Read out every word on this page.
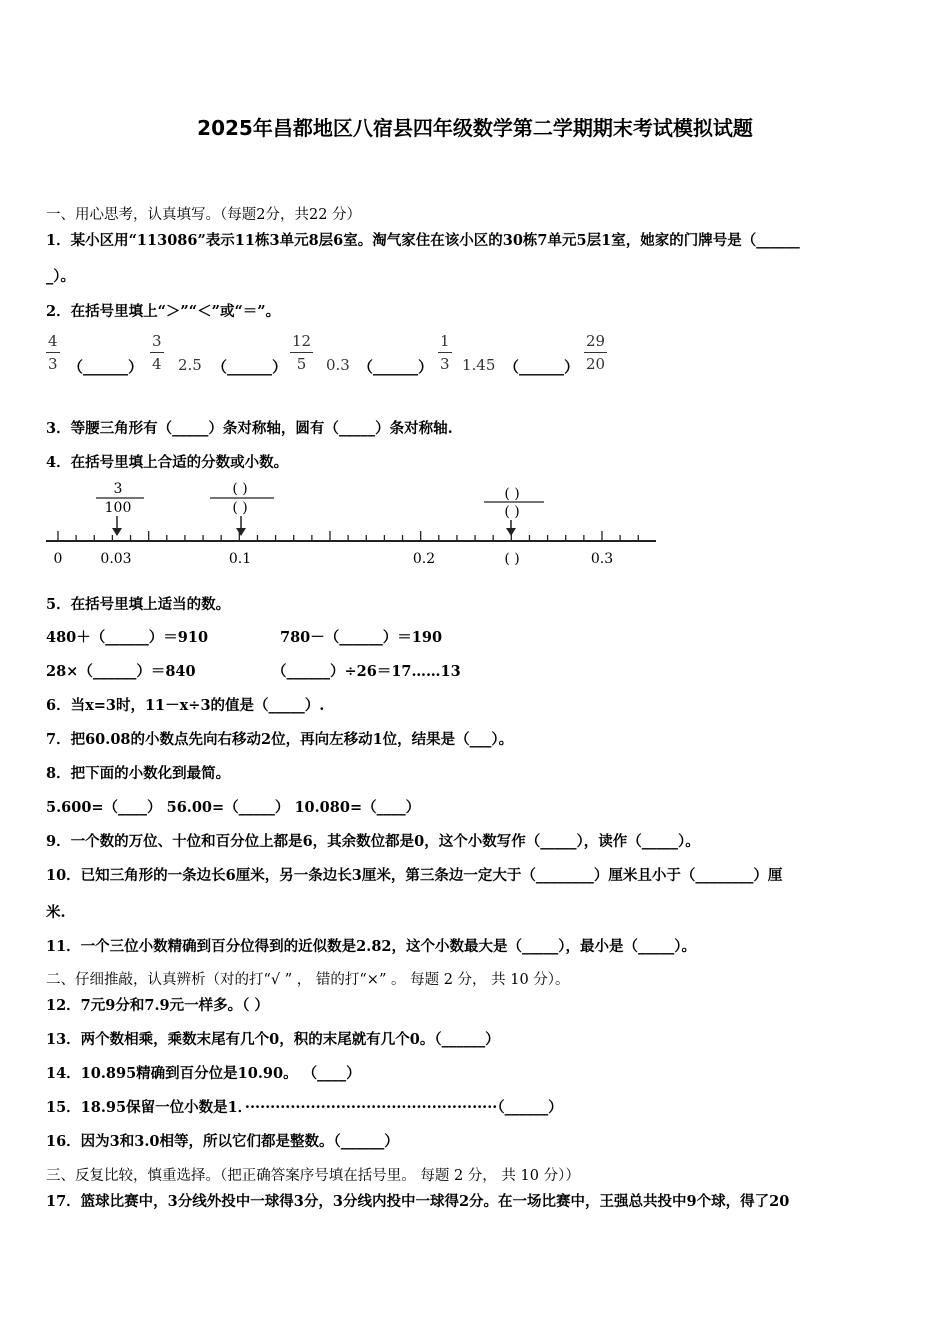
2025年昌都地区八宿县四年级数学第二学期期末考试模拟试题
一、用心思考，认真填写。（每题2分，共22 分）
1．某小区用“113086”表示11栋3单元8层6室。淘气家住在该小区的30栋7单元5层1室，她家的门牌号是（______
_）。
2．在括号里填上“＞”“＜”或“＝”。
$\frac{4}{3}$ （______） $\frac{3}{4} 2.5$ （______） $\frac{12}{5} 0.3$ （______） $\frac{1}{3} 1.45$ （______） $\frac{29}{20}$
3．等腰三角形有（_____）条对称轴，圆有（_____）条对称轴.
4．在括号里填上合适的分数或小数。
3
100
( )
( )
( )
( )
0	0.03	0.1	0.2	( )	0.3
5．在括号里填上适当的数。
480＋（______）＝910	780－（______）＝190
28×（______）＝840	（______）÷26＝17……13
6．当x=3时，11－x÷3的值是（_____）.
7．把60.08的小数点先向右移动2位，再向左移动1位，结果是（___）。
8．把下面的小数化到最简。
5.600=（____） 56.00=（_____） 10.080=（____）
9．一个数的万位、十位和百分位上都是6，其余数位都是0，这个小数写作（_____），读作（_____）。
10．已知三角形的一条边长6厘米，另一条边长3厘米，第三条边一定大于（________）厘米且小于（________）厘
米.
11．一个三位小数精确到百分位得到的近似数是2.82，这个小数最大是（_____），最小是（_____）。
二、仔细推敲，认真辨析（对的打“√ ” ， 错的打“×” 。 每题 2 分， 共 10 分）。
12．7元9分和7.9元一样多。（ ）
13．两个数相乘，乘数末尾有几个0，积的末尾就有几个0。（______）
14．10.895精确到百分位是10.90。 （____）
15．18.95保留一位小数是1．··················································（______）
16．因为3和3.0相等，所以它们都是整数。（______）
三、反复比较，慎重选择。（把正确答案序号填在括号里。 每题 2 分， 共 10 分））
17．篮球比赛中，3分线外投中一球得3分，3分线内投中一球得2分。在一场比赛中，王强总共投中9个球，得了20
